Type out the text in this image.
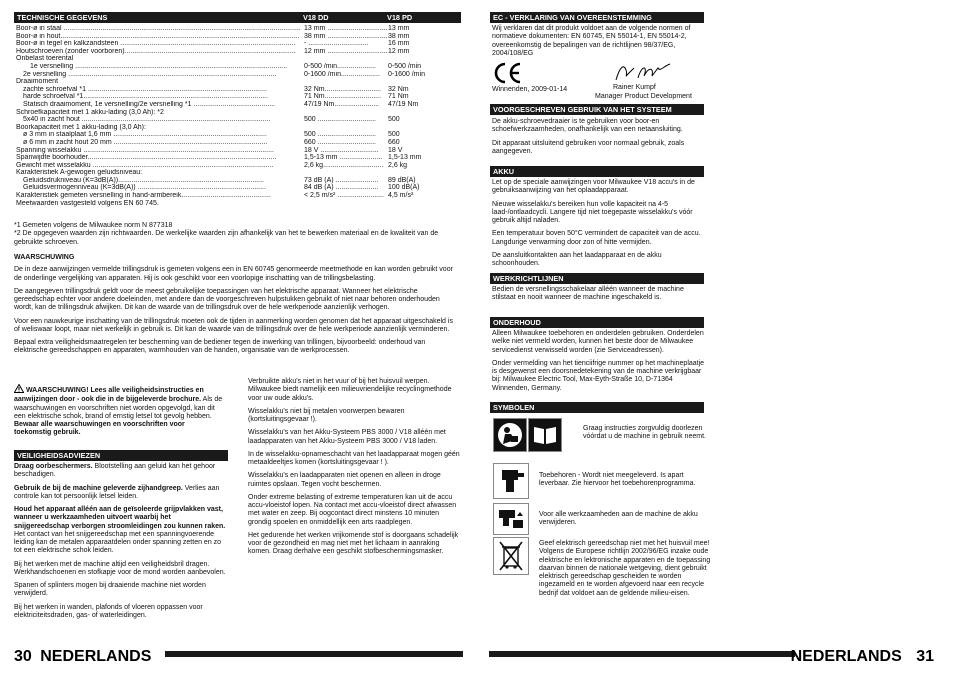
TECHNISCHE GEGEVENS	V18 DD	V18 PD
Boor-ø in staal .......................................................................................................................... 13 mm ............................... 13 mm
Boor-ø in hout........................................................................................................................... 38 mm ............................... 38 mm
Boor-ø in tegel en kalkzandsteen .......................................................................................... - ...............................	16 mm
Houtschroeven (zonder voorboren)........................................................................................ 12 mm ............................... 12 mm
Onbelast toerental
1e versnelling ............................................................................................................. 0-500 /min.................... 0-500 /min
2e versnelling ...........................................................................................................	0-1600 /min.................... 0-1600 /min
Draaimoment
zachte schroefval *1 ............................................................................................	32 Nm............................. 32 Nm
harde schroefval *1...............................................................................................	71 Nm............................. 71 Nm
Statisch draaimoment, 1e versnelling/2e versnelling *1 ..........................................	47/19 Nm....................... 47/19 Nm
Schroefkapaciteit met 1 akku-lading (3,0 Ah): *2
5x40 in zacht hout .................................................................................................	500 .............................. 500
Boorkapaciteit met 1 akku-lading (3,0 Ah):
ø 3 mm in staalplaat 1,6 mm ...............................................................................	500 .............................. 500
ø 6 mm in zacht hout 20 mm ...............................................................................	660 .............................. 660
Spanning wisselakku ..................................................................................................	18 V .............................. 18 V
Spanwijdte boorhouder.................................................................................................	1,5-13 mm ...................... 1,5-13 mm
Gewicht met wisselakku .............................................................................................	2,6 kg............................... 2,6 kg
Karakteristiek A-gewogen geluidsniveau:
Geluidsdrukniveau (K=3dB(A))...........................................................................	73 dB (A) ...................... 89 dB(A)
Geluidsvermogenniveau (K=3dB(A)) ..................................................................	84 dB (A) ...................... 100 dB(A)
Karakteristiek gemeten versnelling in hand-armbereik..............................................	< 2,5 m/s² ........................ 4,5 m/s²
Meetwaarden vastgesteld volgens EN 60 745.
*1 Gemeten volgens de Milwaukee norm N 877318
*2 De opgegeven waarden zijn richtwaarden. De werkelijke waarden zijn afhankelijk van het te bewerken materiaal en de kwaliteit van de gebruikte schroeven.

WAARSCHUWING

De in deze aanwijzingen vermelde trillingsdruk is gemeten volgens een in EN 60745 genormeerde meetmethode en kan worden gebruikt voor de onderlinge vergelijking van apparaten. Hij is ook geschikt voor een voorlopige inschatting van de trillingsbelasting.

De aangegeven trillingsdruk geldt voor de meest gebruikelijke toepassingen van het elektrische apparaat. Wanneer het elektrische gereedschap echter voor andere doeleinden, met andere dan de voorgeschreven hulpstukken gebruikt of niet naar behoren onderhouden wordt, kan de trillingsdruk afwijken. Dit kan de waarde van de trillingsdruk over de hele werkperiode aanzienlijk verhogen.

Voor een nauwkeurige inschatting van de trillingsdruk moeten ook de tijden in aanmerking worden genomen dat het apparaat uitgeschakeld is of weliswaar loopt, maar niet werkelijk in gebruik is. Dit kan de waarde van de trillingsdruk over de hele werkperiode aanzienlijk verminderen.

Bepaal extra veiligheidsmaatregelen ter bescherming van de bediener tegen de inwerking van trillingen, bijvoorbeeld: onderhoud van elektrische gereedschappen en apparaten, warmhouden van de handen, organisatie van de werkprocessen.

WAARSCHUWING! Lees alle veiligheidsinstructies en aanwijzingen door - ook die in de bijgeleverde brochure. Als de waarschuwingen en voorschriften niet worden opgevolgd, kan dit een elektrische schok, brand of ernstig letsel tot gevolg hebben.
Bewaar alle waarschuwingen en voorschriften voor toekomstig gebruik.
VEILIGHEIDSADVIEZEN

Draag oorbeschermers. Blootstelling aan geluid kan het gehoor beschadigen.

Gebruik de bij de machine geleverde zijhandgreep. Verlies aan controle kan tot persoonlijk letsel leiden.

Houd het apparaat alléén aan de geïsoleerde grijpvlakken vast, wanneer u werkzaamheden uitvoert waarbij het snijgereedschap verborgen stroomleidingen zou kunnen raken. Het contact van het snijgereedschap met een spanningvoerende leiding kan de metalen apparaatdelen onder spanning zetten en zo tot een elektrische schok leiden.

Bij het werken met de machine altijd een veiligheidsbril dragen. Werkhandschoenen en stofkapje voor de mond worden aanbevolen.

Spanen of splinters mogen bij draaiende machine niet worden verwijderd.

Bij het werken in wanden, plafonds of vloeren oppassen voor elektriciteitsdraden, gas- of waterleidingen.

Verbruikte akku's niet in het vuur of bij het huisvuil werpen. Milwaukee biedt namelijk een milieuvriendelijke recyclingmethode voor uw oude akku's.

Wisselakku's niet bij metalen voorwerpen bewaren (kortsluitingsgevaar !).

Wisselakku's van het Akku-Systeem PBS 3000 / V18 alléén met laadapparaten van het Akku-Systeem PBS 3000 / V18 laden.

In de wisselakku-opnameschacht van het laadapparaat mogen géén metaaldeeltjes komen (kortsluitingsgevaar ! ).

Wisselakku's en laadapparaten niet openen en alleen in droge ruimtes opslaan. Tegen vocht beschermen.

Onder extreme belasting of extreme temperaturen kan uit de accu accu-vloeistof lopen. Na contact met accu-vloeistof direct afwassen met water en zeep. Bij oogcontact direct minstens 10 minuten grondig spoelen en onmiddellijk een arts raadplegen.

Het gedurende het werken vrijkomende stof is doorgaans schadelijk voor de gezondheid en mag niet met het lichaam in aanraking komen. Draag derhalve een geschikt stofbeschermingsmasker.

30 NEDERLANDS
EC - VERKLARING VAN OVEREENSTEMMING
Wij verklaren dat dit produkt voldoet aan de volgende normen of normatieve dokumenten: EN 60745, EN 55014-1, EN 55014-2, overeenkomstig de bepalingen van de richtlijnen 98/37/EG, 2004/108/EG
Winnenden, 2009-01-14	Rainer Kumpf
Manager Product Development
VOORGESCHREVEN GEBRUIK VAN HET SYSTEEM

De akku-schroevedraaier is te gebruiken voor boor-en schoefwerkzaamheden, onafhankelijk van een netaansluiting.

Dit apparaat uitsluitend gebruiken voor normaal gebruik, zoals aangegeven.

AKKU

Let op de speciale aanwijzingen voor Milwaukee V18 accu's in de gebruiksaanwijzing van het oplaadapparaat.

Nieuwe wisselakku's bereiken hun volle kapaciteit na 4-5 laad-/ontlaadcycli. Langere tijd niet toegepaste wisselakku's vóór gebruik altijd naladen.

Een temperatuur boven 50°C vermindert de capaciteit van de accu. Langdurige verwarming door zon of hitte vermijden.

De aansluitkontakten aan het laadapparaat en de akku schoonhouden.

WERKRICHTLIJNEN

Bedien de versnellingsschakelaar alléén wanneer de machine stilstaat en nooit wanneer de machine ingeschakeld is.

ONDERHOUD

Alleen Milwaukee toebehoren en onderdelen gebruiken. Onderdelen welke niet vermeld worden, kunnen het beste door de Milwaukee servicedienst verwisseld worden (zie Serviceadressen).

Onder vermelding van het tienciifrige nummer op het machineplaatje is desgewenst een doorsnedetekening van de machine verkrijgbaar bij: Milwaukee Electric Tool, Max-Eyth-Straße 10, D-71364 Winnenden, Germany.

SYMBOLEN
Graag instructies zorgvuldig doorlezen vóórdat u de machine in gebruik neemt.
Toebehoren - Wordt niet meegeleverd. Is apart leverbaar. Zie hiervoor het toebehorenprogramma.
Voor alle werkzaamheden aan de machine de akku verwijderen.
Geef elektrisch gereedschap niet met het huisvuil mee! Volgens de Europese richtlijn 2002/96/EG inzake oude elektrische en lektronische apparaten en de toepassing daarvan binnen de nationale wetgeving, dient gebruikt elektrisch gereedschap gescheiden te worden ingezameld en te worden afgevoerd naar een recycle bedrijf dat voldoet aan de geldende milieu-eisen.
NEDERLANDS 31
